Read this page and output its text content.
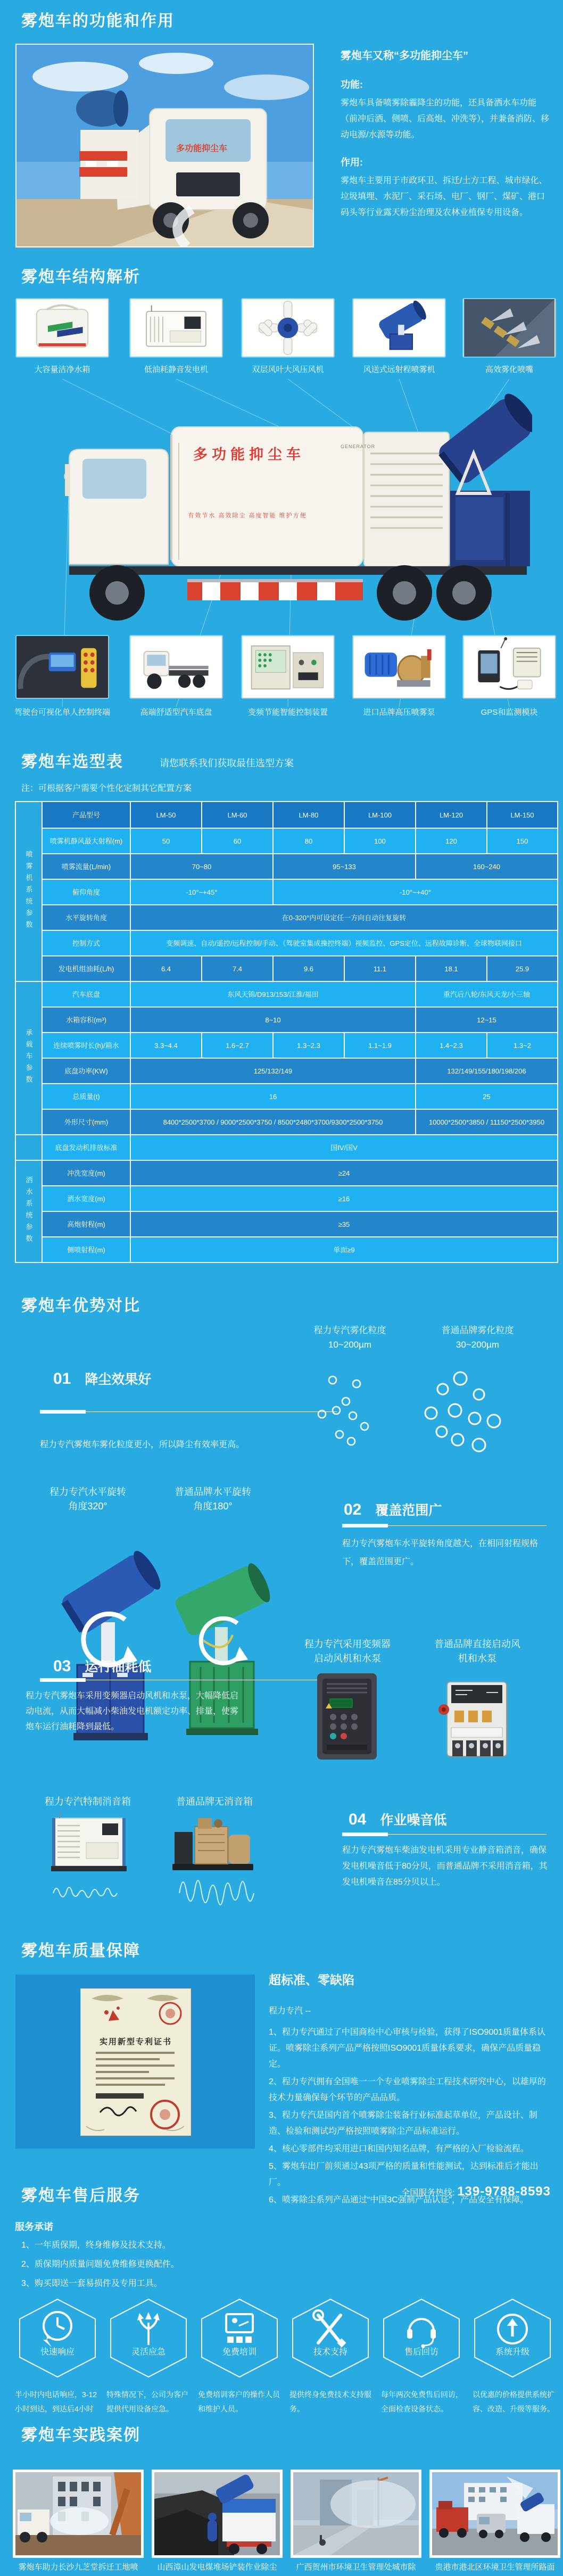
雾炮车的功能和作用
多功能抑尘车
雾炮车又称“多功能抑尘车”
功能:
雾炮车具备喷雾除霾降尘的功能，还具备洒水车功能（前冲后洒、侧喷、后高炮、冲洗等），并兼备消防、移动电源/水源等功能。
作用:
雾炮车主要用于市政环卫、拆迁/土方工程、城市绿化、垃圾填埋、水泥厂、采石场、电厂、钢厂、煤矿、港口码头等行业露天粉尘治理及农林业植保专用设备。
雾炮车结构解析
多功能抑尘车
有效节水 高效除尘 高度智能 维护方便
GENERATOR
雾炮车选型表	请您联系我们获取最佳选型方案
注：可根据客户需要个性化定制其它配置方案
喷雾机系统参数	产品型号	LM-50	LM-60	LM-80	LM-100	LM-120	LM-150
	喷雾机静风最大射程(m)	50	60	80	100	120	150
	喷雾流量(L/min)	70~80		95~133		160~240	
	俯仰角度	-10°~+45°		-10°~+40°			
	水平旋转角度	在0-320°内可设定任一方向自动往复旋转					
	控制方式	变频调速、自动/遥控/远程控制/手动、（驾驶室集成操控终端）视频监控、GPS定位、远程故障诊断、全球物联网接口					
	发电机组油耗(L/h)	6.4	7.4	9.6	11.1	18.1	25.9
承载车参数	汽车底盘	东风天锦/D913/153/江淮/福田				重汽后八轮/东风天龙/小三轴	
	水箱容积(m³)	8~10				12~15	
	连续喷雾时长(h)/箱水	3.3~4.4	1.6~2.7	1.3~2.3	1.1~1.9	1.4~2.3	1.3~2
	底盘功率(KW)	125/132/149				132/149/155/180/198/206	
	总质量(t)	16				25	
	外形尺寸(mm)	8400*2500*3700 / 9000*2500*3750 / 8500*2480*3700/9300*2500*3750				10000*2500*3850 / 11150*2500*3950	
	底盘发动机排放标准	国IV/国V					
洒水系统参数	冲洗宽度(m)	≥24					
	洒水宽度(m)	≥16					
	高炮射程(m)	≥35					
	侧喷射程(m)	单面≥9					
雾炮车优势对比
01 降尘效果好
程力专汽雾炮车雾化粒度更小，所以降尘有效率更高。
程力专汽雾化粒度
10~200µm
普通品牌雾化粒度
30~200µm
程力专汽水平旋转角度320°
普通品牌水平旋转角度180°	02 覆盖范围广
程力专汽雾炮车水平旋转角度越大，在相同射程规格下，覆盖范围更广。
03 运行油耗低
程力专汽雾炮车采用变频器启动风机和水泵，大幅降低启动电流，从而大幅减小柴油发电机额定功率、排量，使雾炮车运行油耗降到最低。
程力专汽采用变频器启动风机和水泵
普通品牌直接启动风机和水泵
04 作业噪音低
程力专汽雾炮车柴油发电机采用专业静音箱消音，确保发电机噪音低于80分贝，而普通品牌不采用消音箱，其发电机噪音在85分贝以上。
程力专汽特制消音箱	普通品牌无消音箱
雾炮车质量保障
实用新型专利证书
超标准、零缺陷
程力专汽 --
1、程力专汽通过了中国商检中心审核与检验，获得了ISO9001质量体系认证。喷雾除尘系列产品严格按照ISO9001质量体系要求，确保产品质量稳定。
2、程力专汽拥有全国唯一一个专业喷雾除尘工程技术研究中心，以雄厚的技术力量确保每个环节的产品品质。
3、程力专汽是国内首个喷雾除尘装备行业标准起草单位，产品设计、制造、检验和测试均严格按照喷雾除尘产品标准运行。
4、核心零部件均采用进口和国内知名品牌，有严格的入厂检验流程。
5、雾炮车出厂前须通过43项严格的质量和性能测试，达到标准后才能出厂。
6、喷雾除尘系列产品通过“中国3C强制产品认证”，产品安全有保障。
雾炮车售后服务	全国服务热线: 139-9788-8593
服务承诺
1、一年质保期，终身维修及技术支持。
2、质保期内质量问题免费维修更换配件。
3、购买即送一套易损件及专用工具。
快速响应
半小时内电话响应，3-12小时到达，到达后4小时
灵活应急
特殊情况下，公司为客户提供代用设备应急。
免费培训
免费培训客户的操作人员和维护人员。
技术支持
提供终身免费技术支持服务。
售后回访
每年两次免费售后回访，全面检查设备状态。
系统升级
以优惠的价格提供系统扩容、改造、升级等服务。
雾炮车实践案例
雾炮车助力长沙九芝堂拆迁工地喷	山西漳山发电煤堆场铲装作业除尘	广西贺州市环境卫生管理处城市除	贵港市港北区环境卫生管理所路面
大容量洁净水箱	低油耗静音发电机	双层风叶大风压风机	风送式远射程喷雾机	高效雾化喷嘴
驾驶台可视化单人控制终端	高端舒适型汽车底盘	变频节能智能控制装置	进口品牌高压喷雾泵	GPS和监测模块
